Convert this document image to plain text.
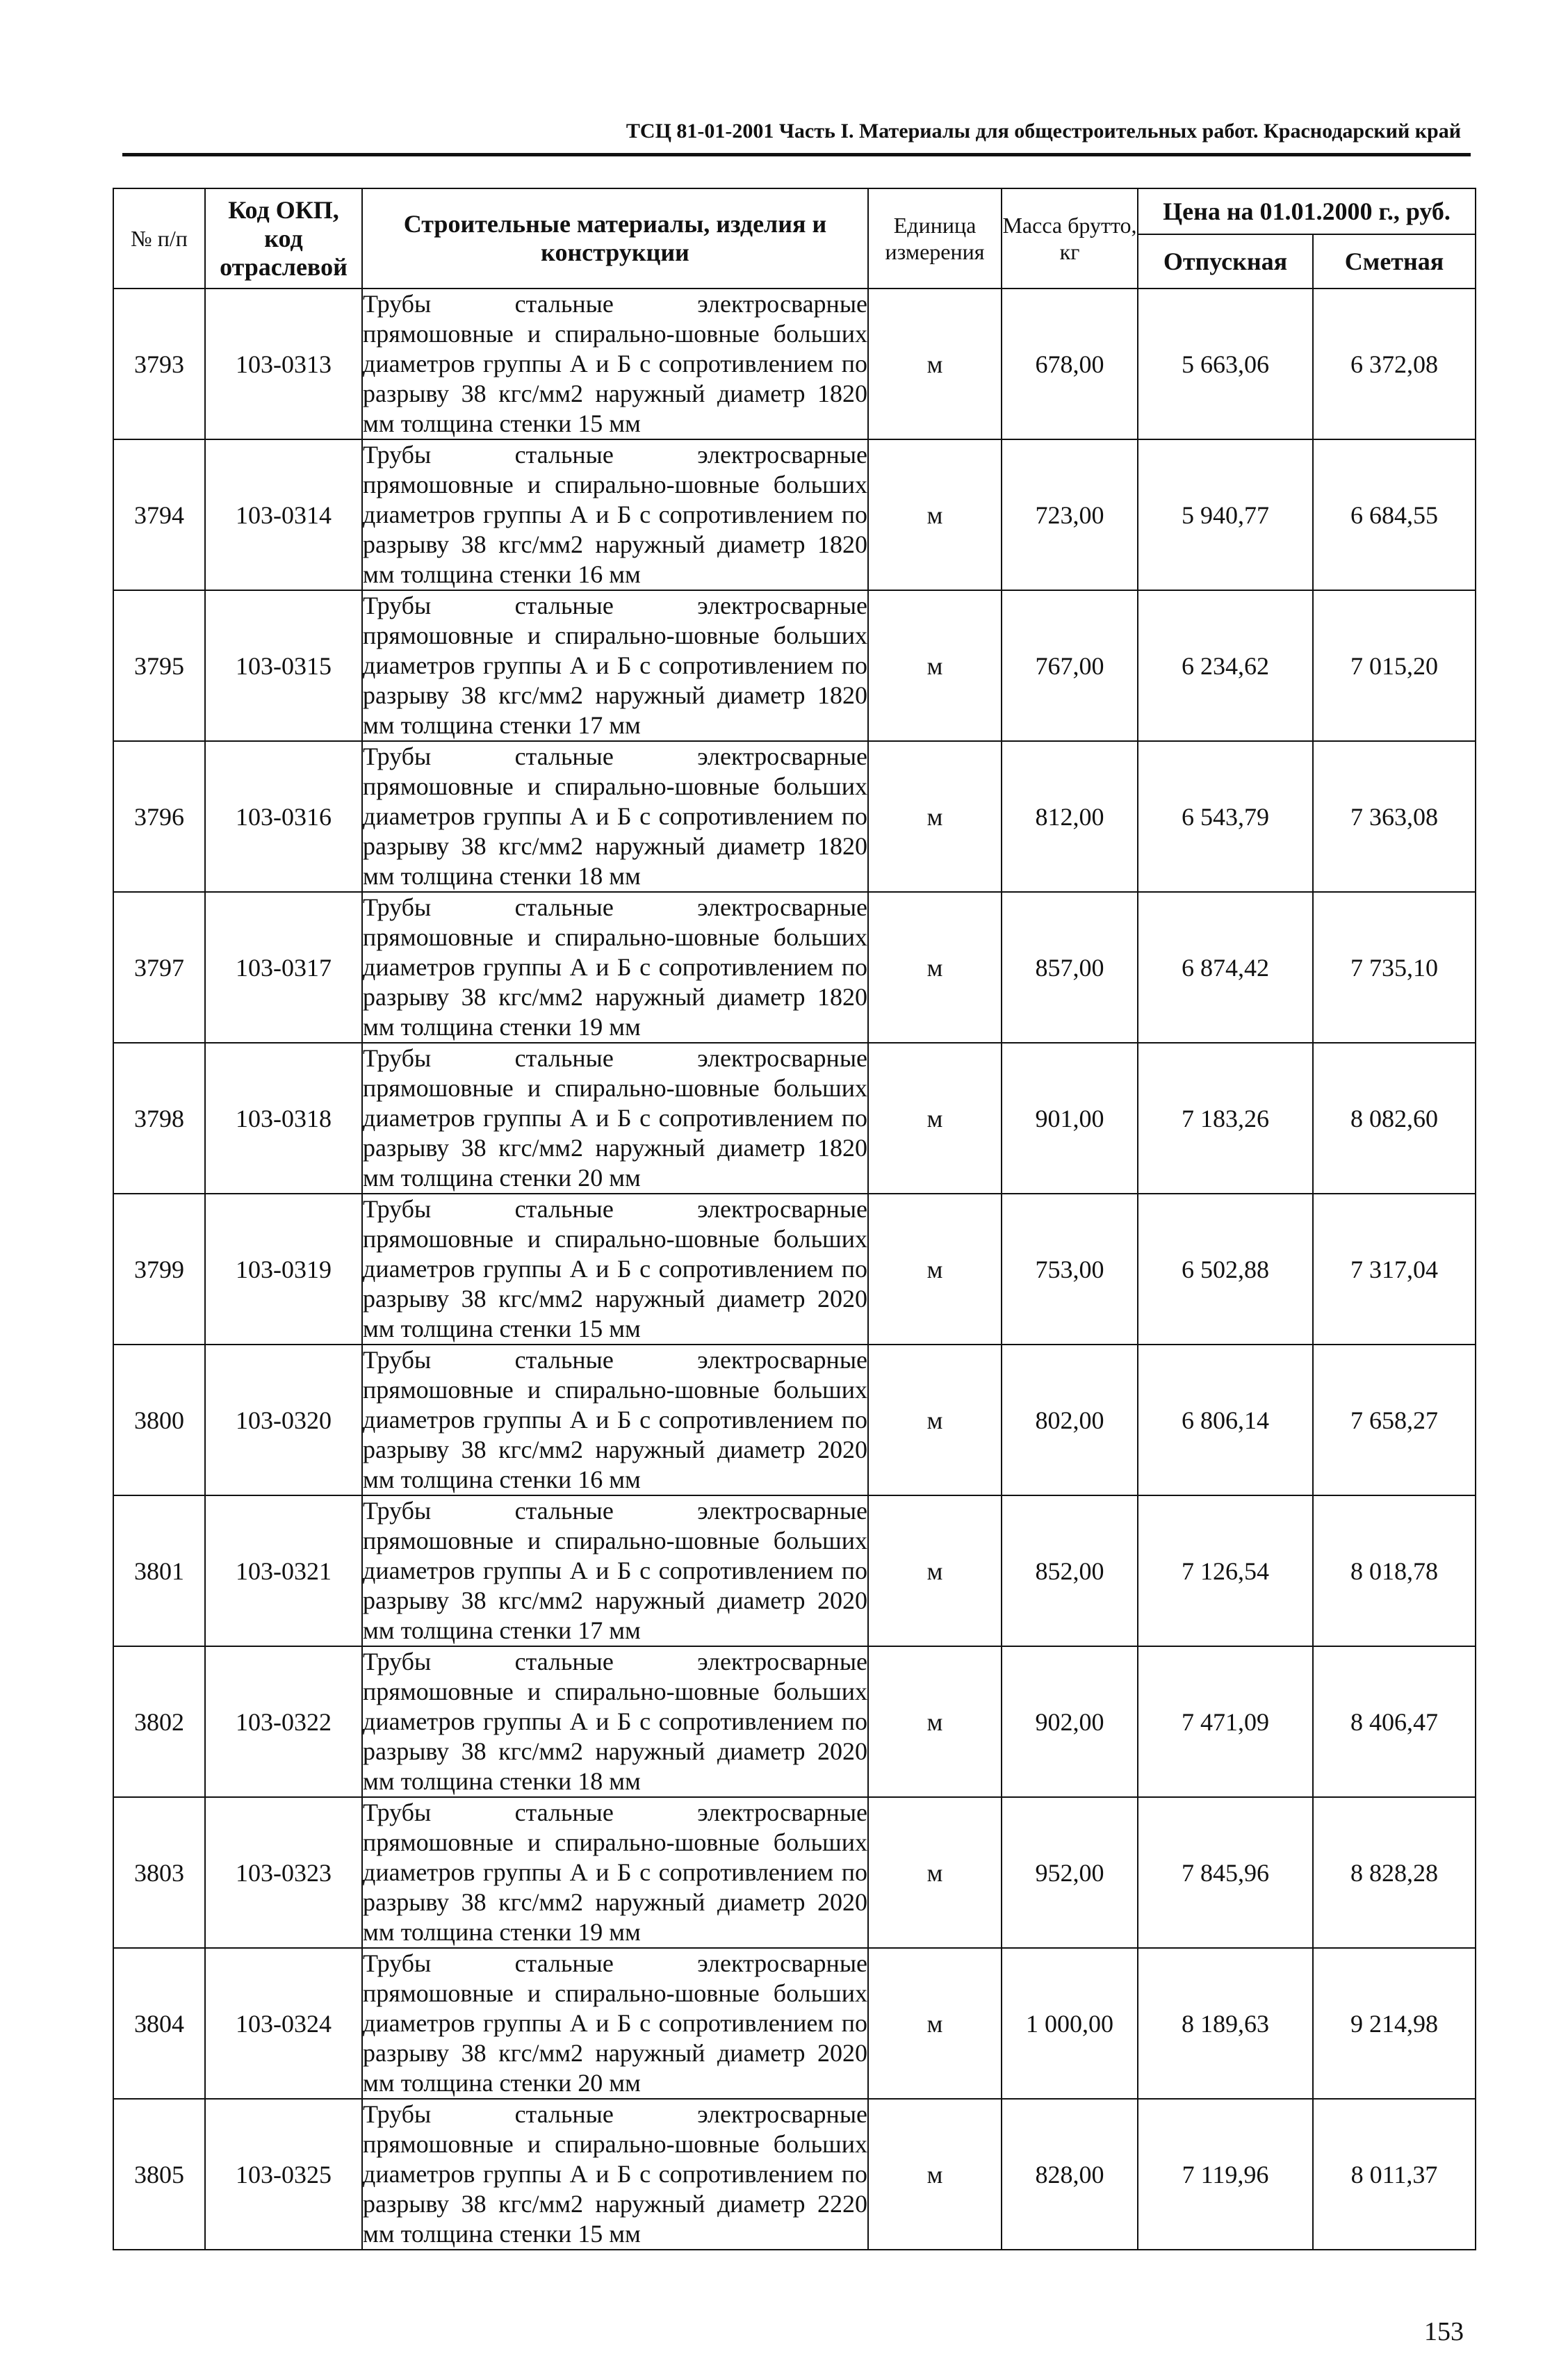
ТСЦ 81-01-2001 Часть I. Материалы для общестроительных работ. Краснодарский край
№ п/п	Код ОКП, код отраслевой	Строительные материалы, изделия и конструкции	Единица измерения	Масса брутто, кг	Цена на 01.01.2000 г., руб.	
					Отпускная	Сметная
3793	103-0313	Трубы стальные электросварные прямошовные и спирально-шовные больших диаметров группы А и Б с сопротивлением по разрыву 38 кгс/мм2 наружный диаметр 1820 мм толщина стенки 15 мм	м	678,00	5 663,06	6 372,08
3794	103-0314	Трубы стальные электросварные прямошовные и спирально-шовные больших диаметров группы А и Б с сопротивлением по разрыву 38 кгс/мм2 наружный диаметр 1820 мм толщина стенки 16 мм	м	723,00	5 940,77	6 684,55
3795	103-0315	Трубы стальные электросварные прямошовные и спирально-шовные больших диаметров группы А и Б с сопротивлением по разрыву 38 кгс/мм2 наружный диаметр 1820 мм толщина стенки 17 мм	м	767,00	6 234,62	7 015,20
3796	103-0316	Трубы стальные электросварные прямошовные и спирально-шовные больших диаметров группы А и Б с сопротивлением по разрыву 38 кгс/мм2 наружный диаметр 1820 мм толщина стенки 18 мм	м	812,00	6 543,79	7 363,08
3797	103-0317	Трубы стальные электросварные прямошовные и спирально-шовные больших диаметров группы А и Б с сопротивлением по разрыву 38 кгс/мм2 наружный диаметр 1820 мм толщина стенки 19 мм	м	857,00	6 874,42	7 735,10
3798	103-0318	Трубы стальные электросварные прямошовные и спирально-шовные больших диаметров группы А и Б с сопротивлением по разрыву 38 кгс/мм2 наружный диаметр 1820 мм толщина стенки 20 мм	м	901,00	7 183,26	8 082,60
3799	103-0319	Трубы стальные электросварные прямошовные и спирально-шовные больших диаметров группы А и Б с сопротивлением по разрыву 38 кгс/мм2 наружный диаметр 2020 мм толщина стенки 15 мм	м	753,00	6 502,88	7 317,04
3800	103-0320	Трубы стальные электросварные прямошовные и спирально-шовные больших диаметров группы А и Б с сопротивлением по разрыву 38 кгс/мм2 наружный диаметр 2020 мм толщина стенки 16 мм	м	802,00	6 806,14	7 658,27
3801	103-0321	Трубы стальные электросварные прямошовные и спирально-шовные больших диаметров группы А и Б с сопротивлением по разрыву 38 кгс/мм2 наружный диаметр 2020 мм толщина стенки 17 мм	м	852,00	7 126,54	8 018,78
3802	103-0322	Трубы стальные электросварные прямошовные и спирально-шовные больших диаметров группы А и Б с сопротивлением по разрыву 38 кгс/мм2 наружный диаметр 2020 мм толщина стенки 18 мм	м	902,00	7 471,09	8 406,47
3803	103-0323	Трубы стальные электросварные прямошовные и спирально-шовные больших диаметров группы А и Б с сопротивлением по разрыву 38 кгс/мм2 наружный диаметр 2020 мм толщина стенки 19 мм	м	952,00	7 845,96	8 828,28
3804	103-0324	Трубы стальные электросварные прямошовные и спирально-шовные больших диаметров группы А и Б с сопротивлением по разрыву 38 кгс/мм2 наружный диаметр 2020 мм толщина стенки 20 мм	м	1 000,00	8 189,63	9 214,98
3805	103-0325	Трубы стальные электросварные прямошовные и спирально-шовные больших диаметров группы А и Б с сопротивлением по разрыву 38 кгс/мм2 наружный диаметр 2220 мм толщина стенки 15 мм	м	828,00	7 119,96	8 011,37
153
